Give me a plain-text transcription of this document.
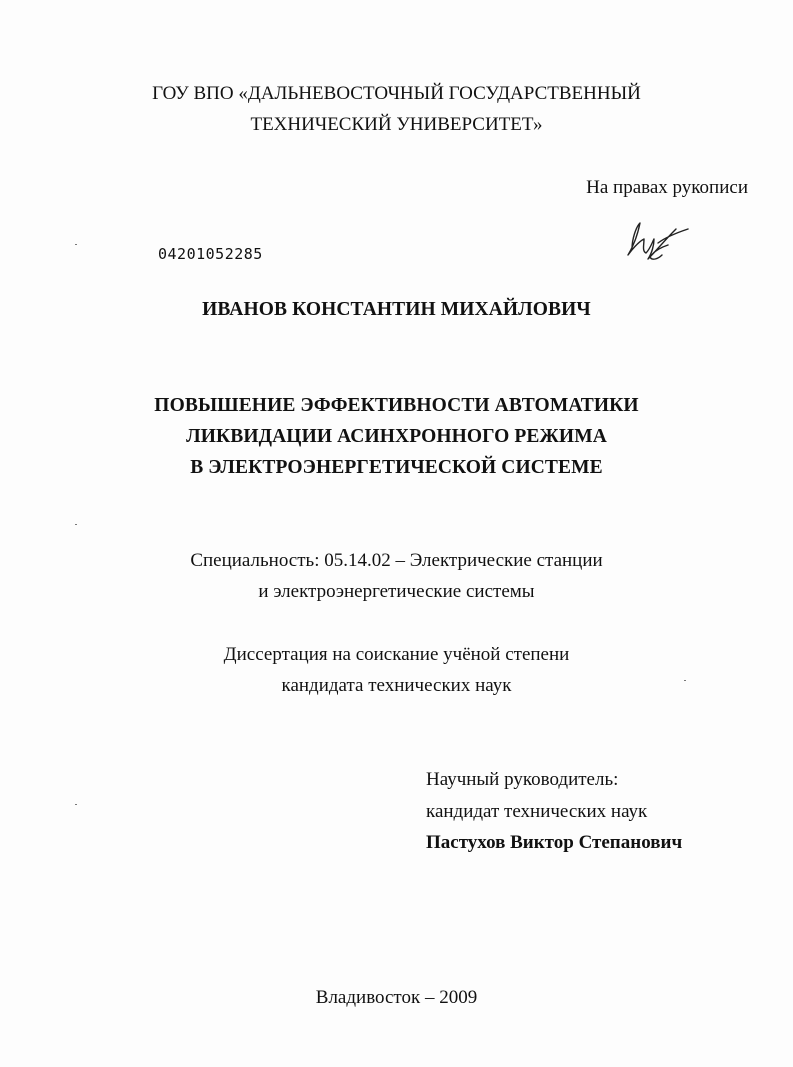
ГОУ ВПО «ДАЛЬНЕВОСТОЧНЫЙ ГОСУДАРСТВЕННЫЙ
ТЕХНИЧЕСКИЙ УНИВЕРСИТЕТ»
На правах рукописи
04201052285
ИВАНОВ КОНСТАНТИН МИХАЙЛОВИЧ
ПОВЫШЕНИЕ ЭФФЕКТИВНОСТИ АВТОМАТИКИ
ЛИКВИДАЦИИ АСИНХРОННОГО РЕЖИМА
В ЭЛЕКТРОЭНЕРГЕТИЧЕСКОЙ СИСТЕМЕ
Специальность: 05.14.02 – Электрические станции
и электроэнергетические системы
Диссертация на соискание учёной степени
кандидата технических наук
Научный руководитель:
кандидат технических наук
Пастухов Виктор Степанович
Владивосток – 2009
